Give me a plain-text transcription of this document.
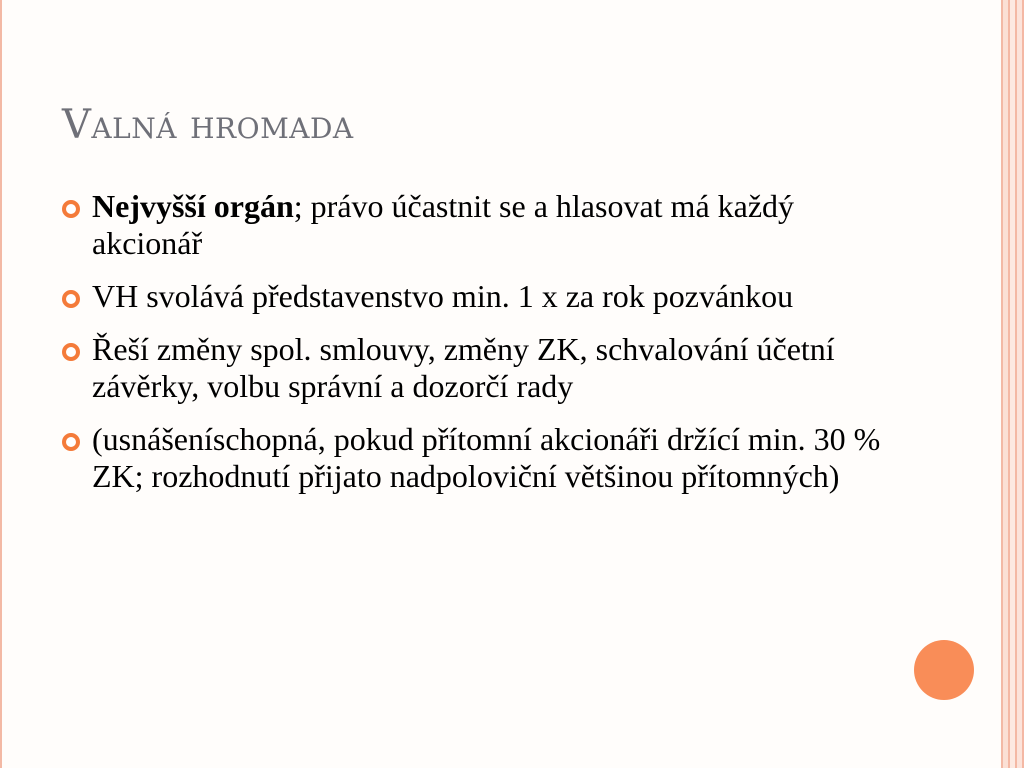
Valná hromada
Nejvyšší orgán; právo účastnit se a hlasovat má každý akcionář
VH svolává představenstvo min. 1 x za rok pozvánkou
Řeší změny spol. smlouvy, změny ZK, schvalování účetní závěrky, volbu správní a dozorčí rady
(usnášeníschopná, pokud přítomní akcionáři držící min. 30 % ZK; rozhodnutí přijato nadpoloviční většinou přítomných)
